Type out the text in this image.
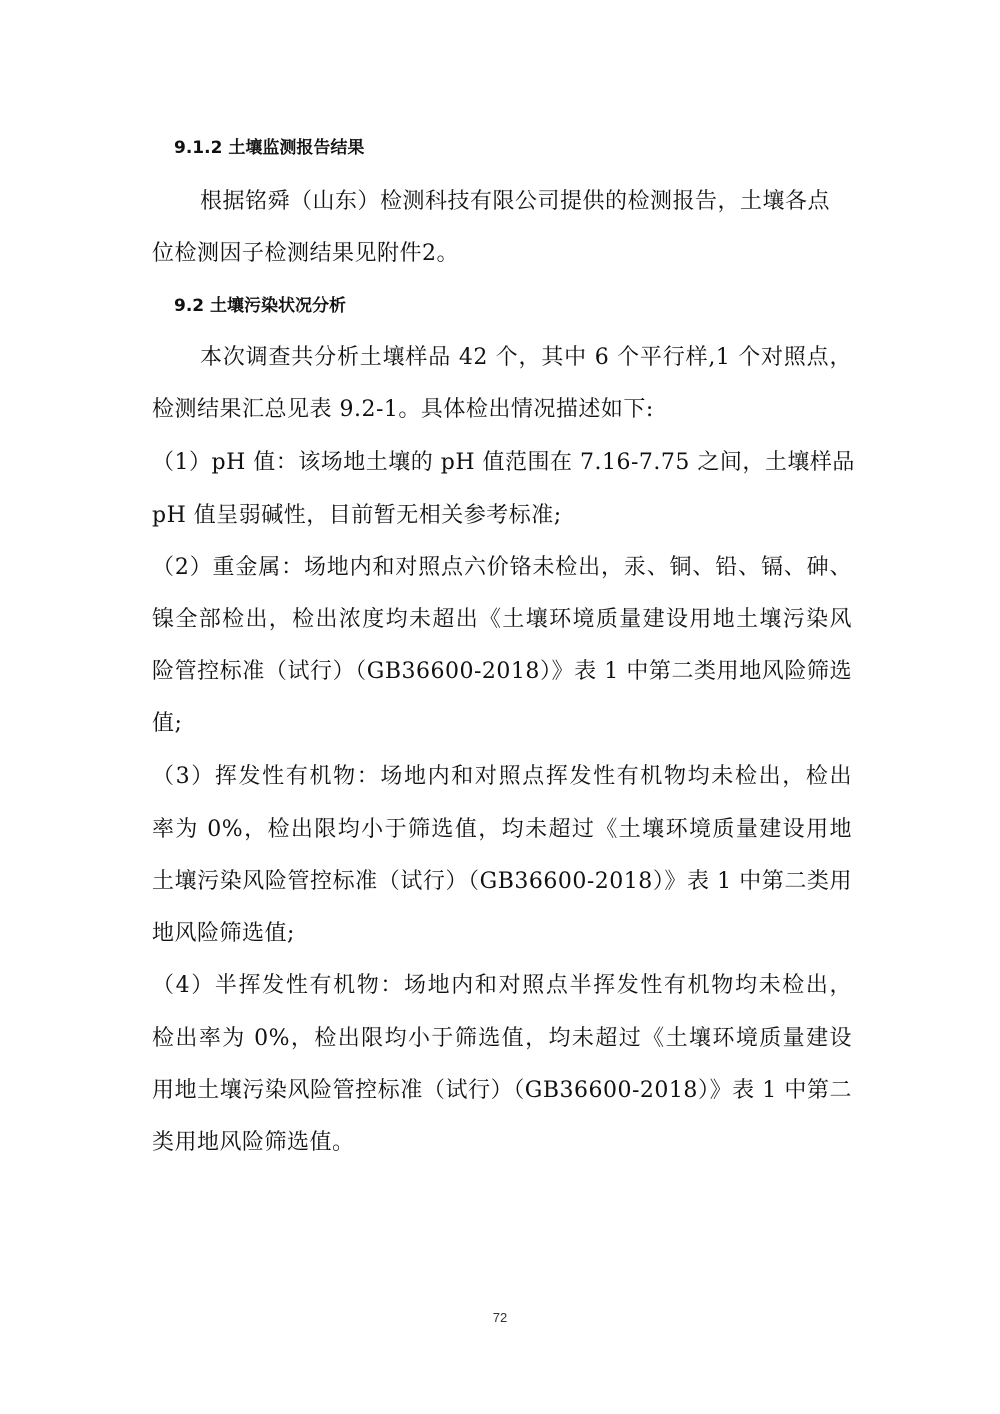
9.1.2 土壤监测报告结果
根据铭舜（山东）检测科技有限公司提供的检测报告，土壤各点
位检测因子检测结果见附件2。
9.2 土壤污染状况分析
本次调查共分析土壤样品 42 个，其中 6 个平行样,1 个对照点，
检测结果汇总见表 9.2-1。具体检出情况描述如下:
（1）pH 值：该场地土壤的 pH 值范围在 7.16-7.75 之间，土壤样品
pH 值呈弱碱性，目前暂无相关参考标准;
（2）重金属：场地内和对照点六价铬未检出，汞、铜、铅、镉、砷、
镍全部检出，检出浓度均未超出《土壤环境质量建设用地土壤污染风
险管控标准（试行）（GB36600-2018）》表 1 中第二类用地风险筛选
值;
（3）挥发性有机物：场地内和对照点挥发性有机物均未检出，检出
率为 0%，检出限均小于筛选值，均未超过《土壤环境质量建设用地
土壤污染风险管控标准（试行）（GB36600-2018）》表 1 中第二类用
地风险筛选值;
（4）半挥发性有机物：场地内和对照点半挥发性有机物均未检出，
检出率为 0%，检出限均小于筛选值，均未超过《土壤环境质量建设
用地土壤污染风险管控标准（试行）（GB36600-2018）》表 1 中第二
类用地风险筛选值。
72
